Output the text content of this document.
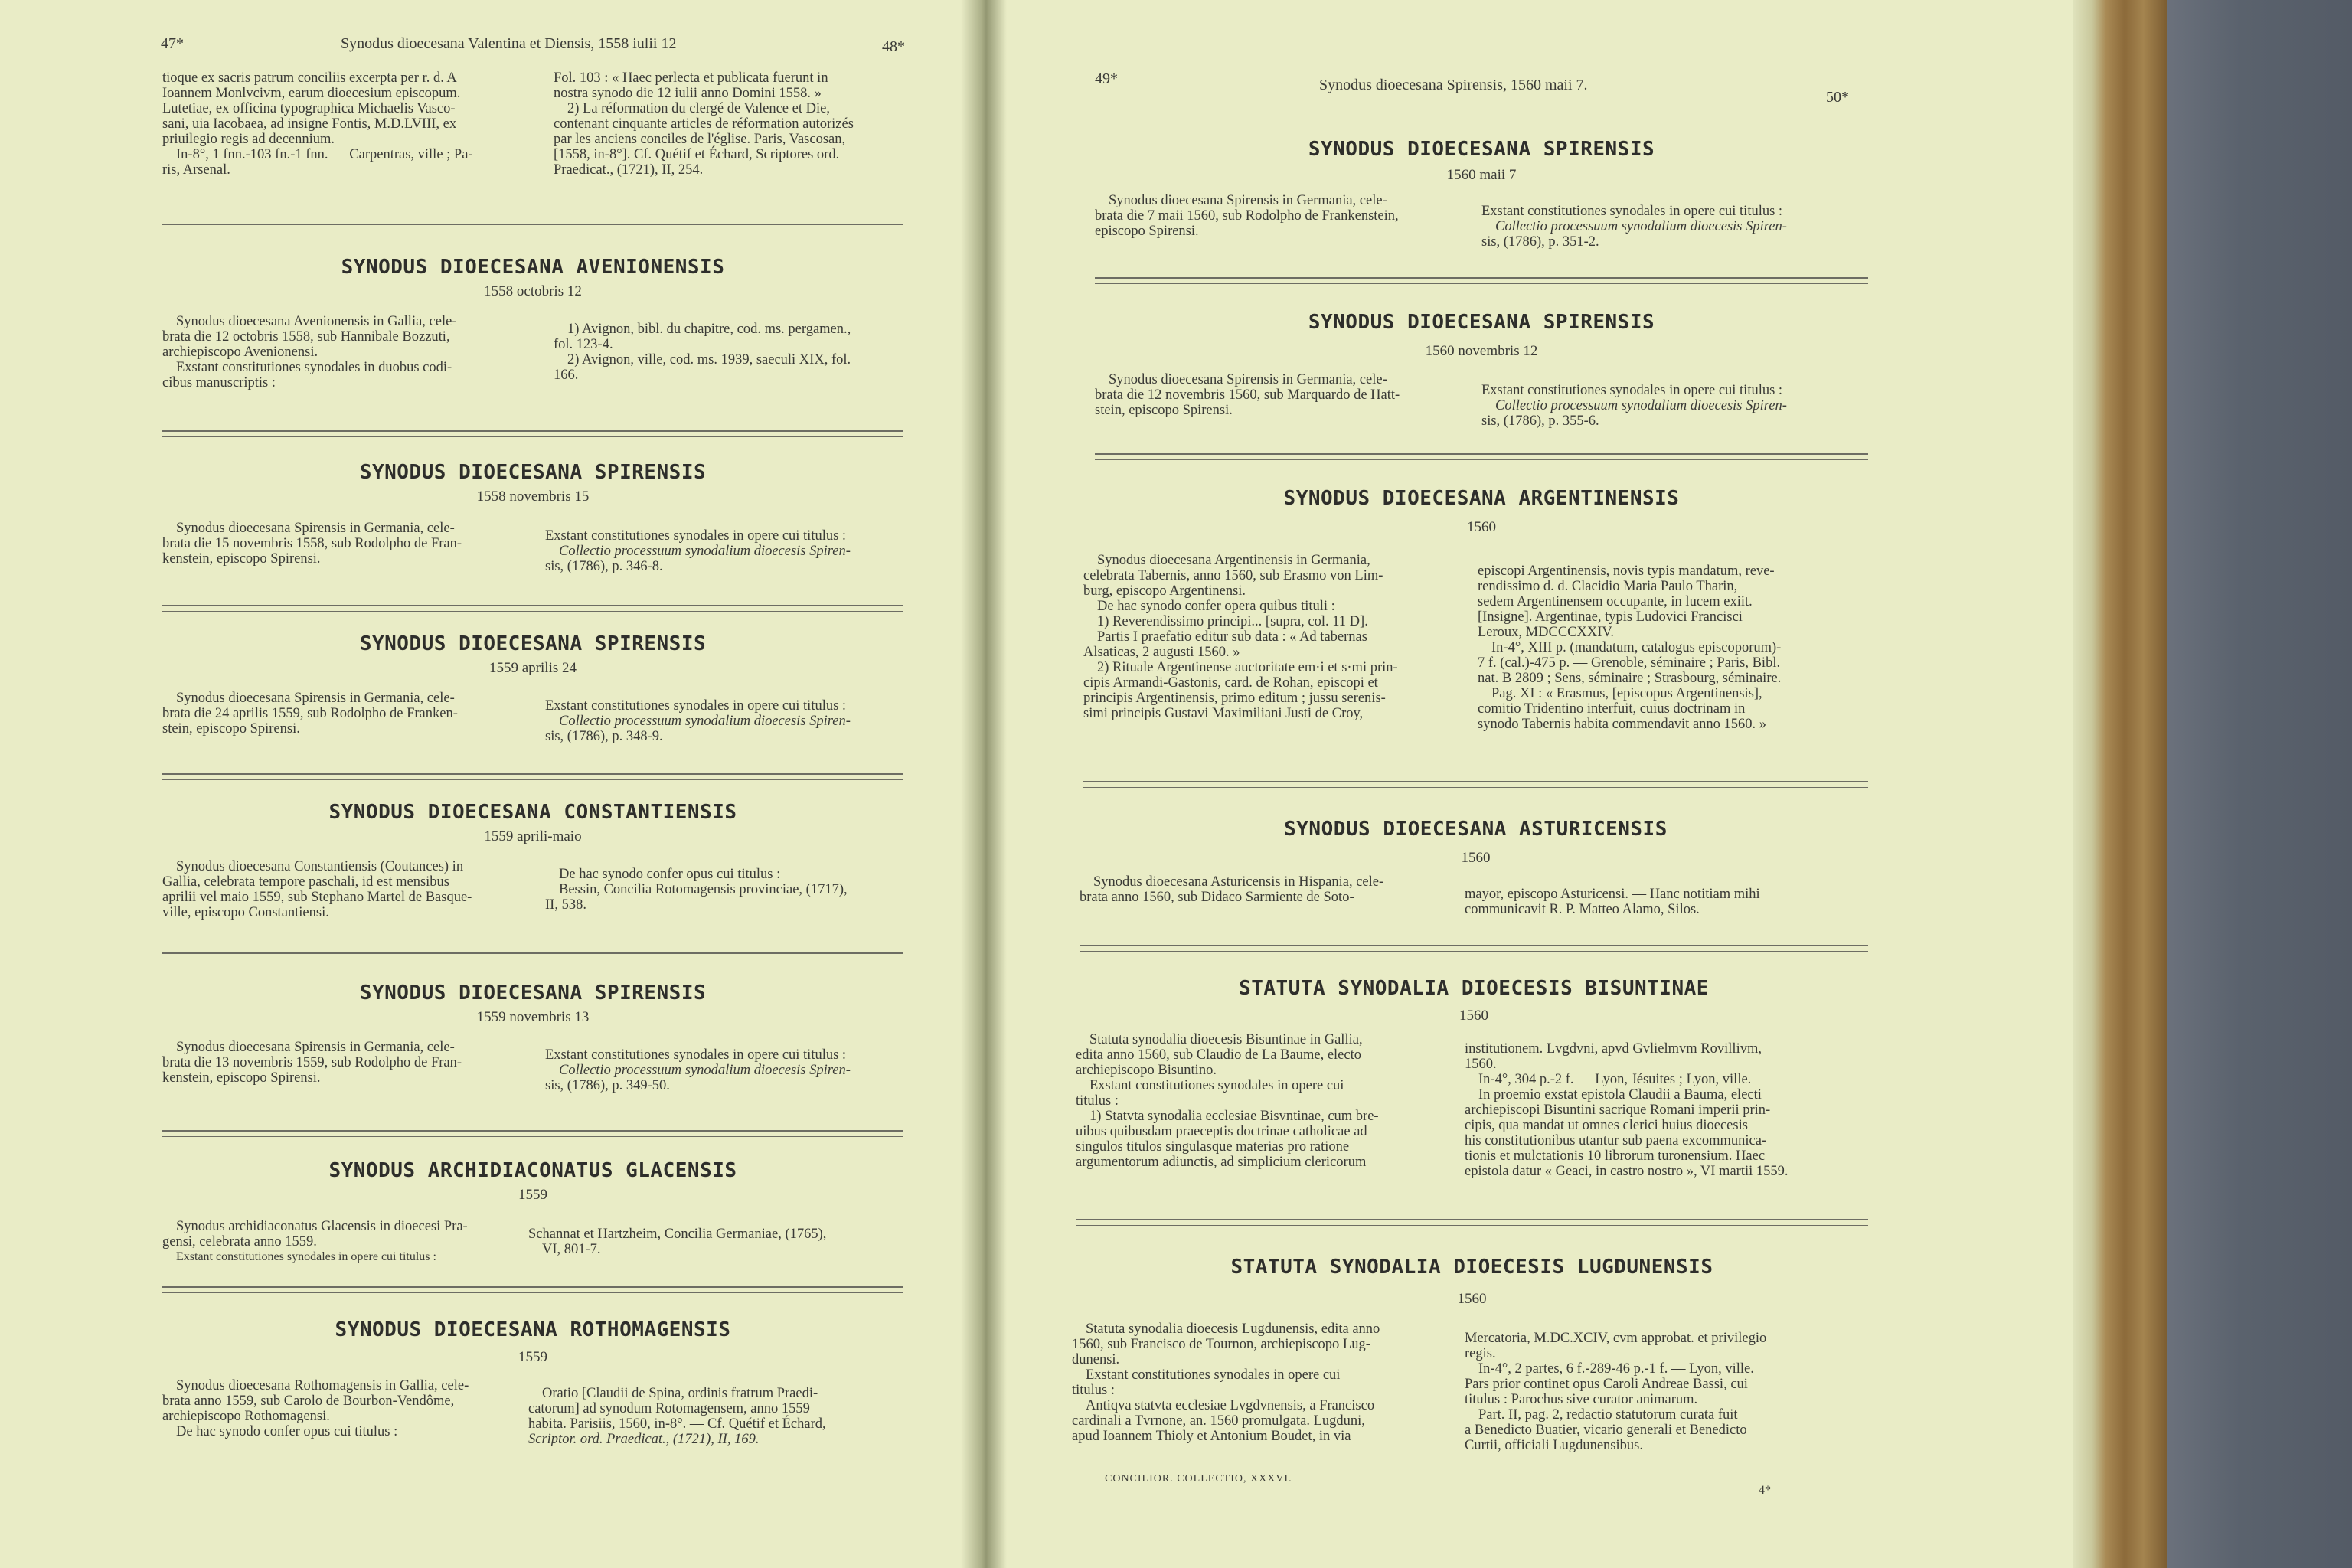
47*	Synodus dioecesana Valentina et Diensis, 1558 iulii 12	48*

tioque ex sacris patrum conciliis excerpta per r. d. A

Ioannem Monlvcivm, earum dioecesium episcopum.

Lutetiae, ex officina typographica Michaelis Vasco-

sani, uia Iacobaea, ad insigne Fontis, M.D.LVIII, ex

priuilegio regis ad decennium.

In-8°, 1 fnn.-103 fn.-1 fnn. — Carpentras, ville ; Pa-

ris, Arsenal.

Fol. 103 : « Haec perlecta et publicata fuerunt in

nostra synodo die 12 iulii anno Domini 1558. »

2) La réformation du clergé de Valence et Die,

contenant cinquante articles de réformation autorizés

par les anciens conciles de l'église. Paris, Vascosan,

[1558, in-8°]. Cf. Quétif et Échard, Scriptores ord.

Praedicat., (1721), II, 254.

SYNODUS DIOECESANA AVENIONENSIS
1558 octobris 12

Synodus dioecesana Avenionensis in Gallia, cele-

brata die 12 octobris 1558, sub Hannibale Bozzuti,

archiepiscopo Avenionensi.

Exstant constitutiones synodales in duobus codi-

cibus manuscriptis :

1) Avignon, bibl. du chapitre, cod. ms. pergamen.,

fol. 123-4.

2) Avignon, ville, cod. ms. 1939, saeculi XIX, fol.

166.

SYNODUS DIOECESANA SPIRENSIS
1558 novembris 15

Synodus dioecesana Spirensis in Germania, cele-

brata die 15 novembris 1558, sub Rodolpho de Fran-

kenstein, episcopo Spirensi.

Exstant constitutiones synodales in opere cui titulus :

Collectio processuum synodalium dioecesis Spiren-

sis, (1786), p. 346-8.

SYNODUS DIOECESANA SPIRENSIS
1559 aprilis 24

Synodus dioecesana Spirensis in Germania, cele-

brata die 24 aprilis 1559, sub Rodolpho de Franken-

stein, episcopo Spirensi.

Exstant constitutiones synodales in opere cui titulus :

Collectio processuum synodalium dioecesis Spiren-

sis, (1786), p. 348-9.

SYNODUS DIOECESANA CONSTANTIENSIS
1559 aprili-maio

Synodus dioecesana Constantiensis (Coutances) in

Gallia, celebrata tempore paschali, id est mensibus

aprilii vel maio 1559, sub Stephano Martel de Basque-

ville, episcopo Constantiensi.

De hac synodo confer opus cui titulus :

Bessin, Concilia Rotomagensis provinciae, (1717),

II, 538.

SYNODUS DIOECESANA SPIRENSIS
1559 novembris 13

Synodus dioecesana Spirensis in Germania, cele-

brata die 13 novembris 1559, sub Rodolpho de Fran-

kenstein, episcopo Spirensi.

Exstant constitutiones synodales in opere cui titulus :

Collectio processuum synodalium dioecesis Spiren-

sis, (1786), p. 349-50.

SYNODUS ARCHIDIACONATUS GLACENSIS
1559

Synodus archidiaconatus Glacensis in dioecesi Pra-

gensi, celebrata anno 1559.

Exstant constitutiones synodales in opere cui titulus :

Schannat et Hartzheim, Concilia Germaniae, (1765),

VI, 801-7.

SYNODUS DIOECESANA ROTHOMAGENSIS
1559

Synodus dioecesana Rothomagensis in Gallia, cele-

brata anno 1559, sub Carolo de Bourbon-Vendôme,

archiepiscopo Rothomagensi.

De hac synodo confer opus cui titulus :

Oratio [Claudii de Spina, ordinis fratrum Praedi-

catorum] ad synodum Rotomagensem, anno 1559

habita. Parisiis, 1560, in-8°. — Cf. Quétif et Échard,

Scriptor. ord. Praedicat., (1721), II, 169.

49*	Synodus dioecesana Spirensis, 1560 maii 7.
50*
SYNODUS DIOECESANA SPIRENSIS
1560 maii 7

Synodus dioecesana Spirensis in Germania, cele-

brata die 7 maii 1560, sub Rodolpho de Frankenstein,

episcopo Spirensi.

Exstant constitutiones synodales in opere cui titulus :

Collectio processuum synodalium dioecesis Spiren-

sis, (1786), p. 351-2.

SYNODUS DIOECESANA SPIRENSIS
1560 novembris 12

Synodus dioecesana Spirensis in Germania, cele-

brata die 12 novembris 1560, sub Marquardo de Hatt-

stein, episcopo Spirensi.

Exstant constitutiones synodales in opere cui titulus :

Collectio processuum synodalium dioecesis Spiren-

sis, (1786), p. 355-6.

SYNODUS DIOECESANA ARGENTINENSIS
1560

Synodus dioecesana Argentinensis in Germania,

celebrata Tabernis, anno 1560, sub Erasmo von Lim-

burg, episcopo Argentinensi.

De hac synodo confer opera quibus tituli :

1) Reverendissimo principi... [supra, col. 11 D].

Partis I praefatio editur sub data : « Ad tabernas

Alsaticas, 2 augusti 1560. »

2) Rituale Argentinense auctoritate em·i et s·mi prin-

cipis Armandi-Gastonis, card. de Rohan, episcopi et

principis Argentinensis, primo editum ; jussu serenis-

simi principis Gustavi Maximiliani Justi de Croy,

episcopi Argentinensis, novis typis mandatum, reve-

rendissimo d. d. Clacidio Maria Paulo Tharin,

sedem Argentinensem occupante, in lucem exiit.

[Insigne]. Argentinae, typis Ludovici Francisci

Leroux, MDCCCXXIV.

In-4°, XIII p. (mandatum, catalogus episcoporum)-

7 f. (cal.)-475 p. — Grenoble, séminaire ; Paris, Bibl.

nat. B 2809 ; Sens, séminaire ; Strasbourg, séminaire.

Pag. XI : « Erasmus, [episcopus Argentinensis],

comitio Tridentino interfuit, cuius doctrinam in

synodo Tabernis habita commendavit anno 1560. »

SYNODUS DIOECESANA ASTURICENSIS
1560

Synodus dioecesana Asturicensis in Hispania, cele-

brata anno 1560, sub Didaco Sarmiente de Soto-	mayor, episcopo Asturicensi. — Hanc notitiam mihi

communicavit R. P. Matteo Alamo, Silos.

STATUTA SYNODALIA DIOECESIS BISUNTINAE
1560

Statuta synodalia dioecesis Bisuntinae in Gallia,

edita anno 1560, sub Claudio de La Baume, electo

archiepiscopo Bisuntino.

Exstant constitutiones synodales in opere cui

titulus :

1) Statvta synodalia ecclesiae Bisvntinae, cum bre-

uibus quibusdam praeceptis doctrinae catholicae ad

singulos titulos singulasque materias pro ratione

argumentorum adiunctis, ad simplicium clericorum

institutionem. Lvgdvni, apvd Gvlielmvm Rovillivm,

1560.

In-4°, 304 p.-2 f. — Lyon, Jésuites ; Lyon, ville.

In proemio exstat epistola Claudii a Bauma, electi

archiepiscopi Bisuntini sacrique Romani imperii prin-

cipis, qua mandat ut omnes clerici huius dioecesis

his constitutionibus utantur sub paena excommunica-

tionis et mulctationis 10 librorum turonensium. Haec

epistola datur « Geaci, in castro nostro », VI martii 1559.

STATUTA SYNODALIA DIOECESIS LUGDUNENSIS
1560

Statuta synodalia dioecesis Lugdunensis, edita anno

1560, sub Francisco de Tournon, archiepiscopo Lug-

dunensi.

Exstant constitutiones synodales in opere cui

titulus :

Antiqva statvta ecclesiae Lvgdvnensis, a Francisco

cardinali a Tvrnone, an. 1560 promulgata. Lugduni,

apud Ioannem Thioly et Antonium Boudet, in via

Mercatoria, M.DC.XCIV, cvm approbat. et privilegio

regis.

In-4°, 2 partes, 6 f.-289-46 p.-1 f. — Lyon, ville.

Pars prior continet opus Caroli Andreae Bassi, cui

titulus : Parochus sive curator animarum.

Part. II, pag. 2, redactio statutorum curata fuit

a Benedicto Buatier, vicario generali et Benedicto

Curtii, officiali Lugdunensibus.

CONCILIOR. COLLECTIO, XXXVI.
4*
